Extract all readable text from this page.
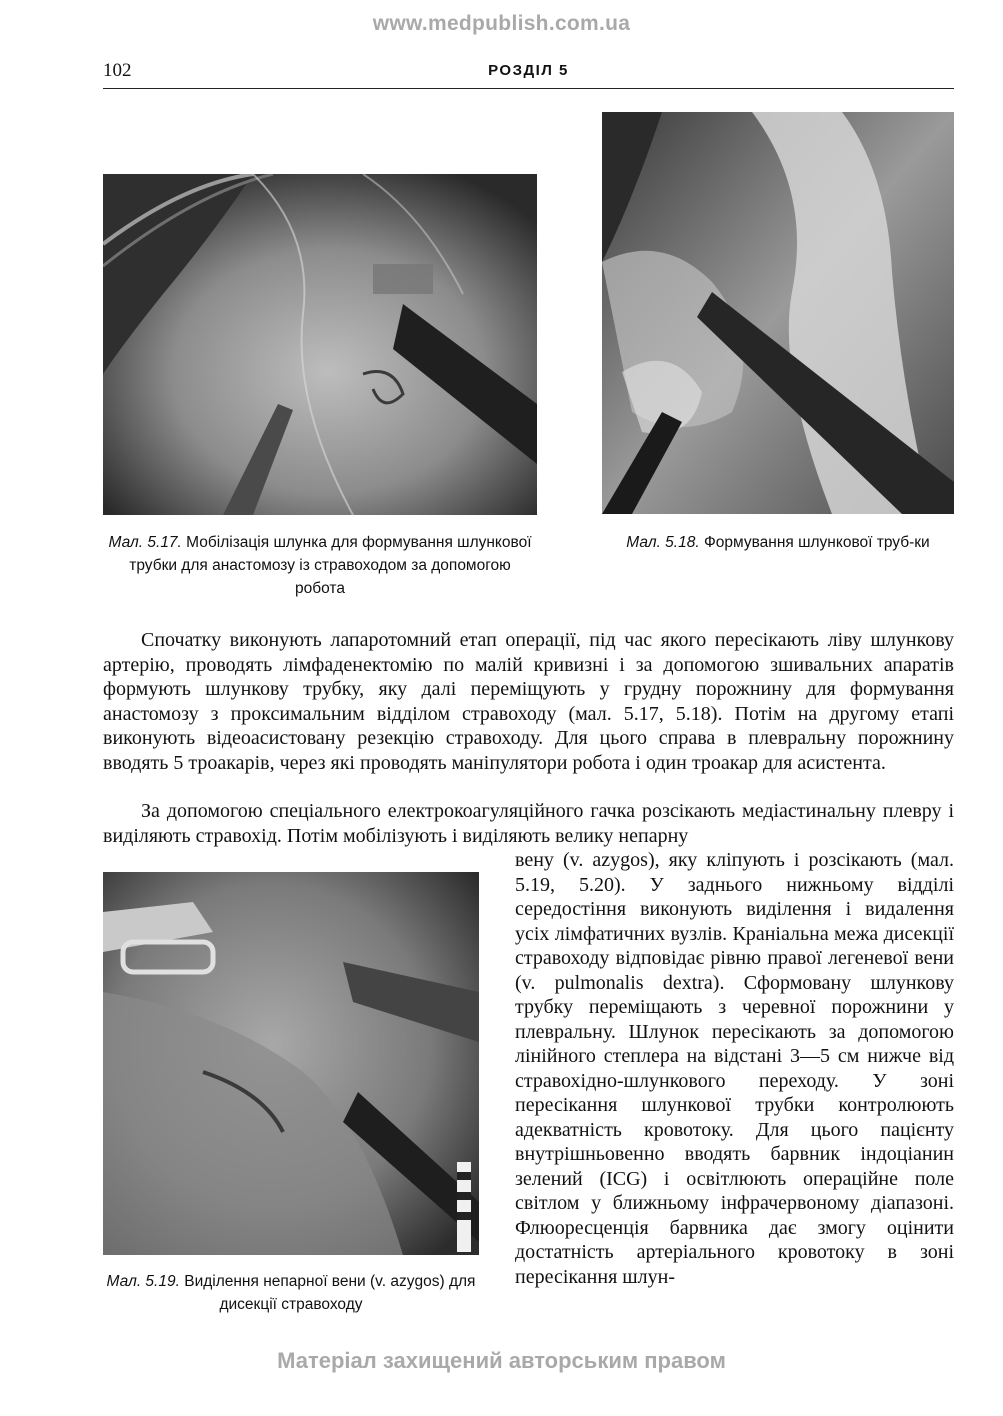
www.medpublish.com.ua
102	РОЗДІЛ 5
Мал. 5.17. Мобілізація шлунка для формування шлункової трубки для анастомозу із стравоходом за допомогою робота
Мал. 5.18. Формування шлункової труб-ки

Спочатку виконують лапаротомний етап операції, під час якого пересікають ліву шлункову артерію, проводять лімфаденектомію по малій кривизні і за допомогою зшивальних апаратів формують шлункову трубку, яку далі переміщують у грудну порожнину для формування анастомозу з проксимальним відділом стравоходу (мал. 5.17, 5.18). Потім на другому етапі виконують відеоасистовану резекцію стравоходу. Для цього справа в плевральну порожнину вводять 5 троакарів, через які проводять маніпулятори робота і один троакар для асистента.

За допомогою спеціального електрокоагуляційного гачка розсікають медіастинальну плевру і виділяють стравохід. Потім мобілізують і виділяють велику непарну

Мал. 5.19. Виділення непарної вени (v. azygos) для дисекції стравоходу

вену (v. azygos), яку кліпують і розсікають (мал. 5.19, 5.20). У заднього нижньому відділі середостіння виконують виділення і видалення усіх лімфатичних вузлів. Краніальна межа дисекції стравоходу відповідає рівню правої легеневої вени (v. pulmonalis dextra). Сформовану шлункову трубку переміщають з черевної порожнини у плевральну. Шлунок пересікають за допомогою лінійного степлера на відстані 3—5 см нижче від стравохідно-шлункового переходу. У зоні пересікання шлункової трубки контролюють адекватність кровотоку. Для цього пацієнту внутрішньовенно вводять барвник індоціанин зелений (ICG) і освітлюють операційне поле світлом у ближньому інфрачервоному діапазоні. Флюоресценція барвника дає змогу оцінити достатність артеріального кровотоку в зоні пересікання шлун-

Матеріал захищений авторським правом
